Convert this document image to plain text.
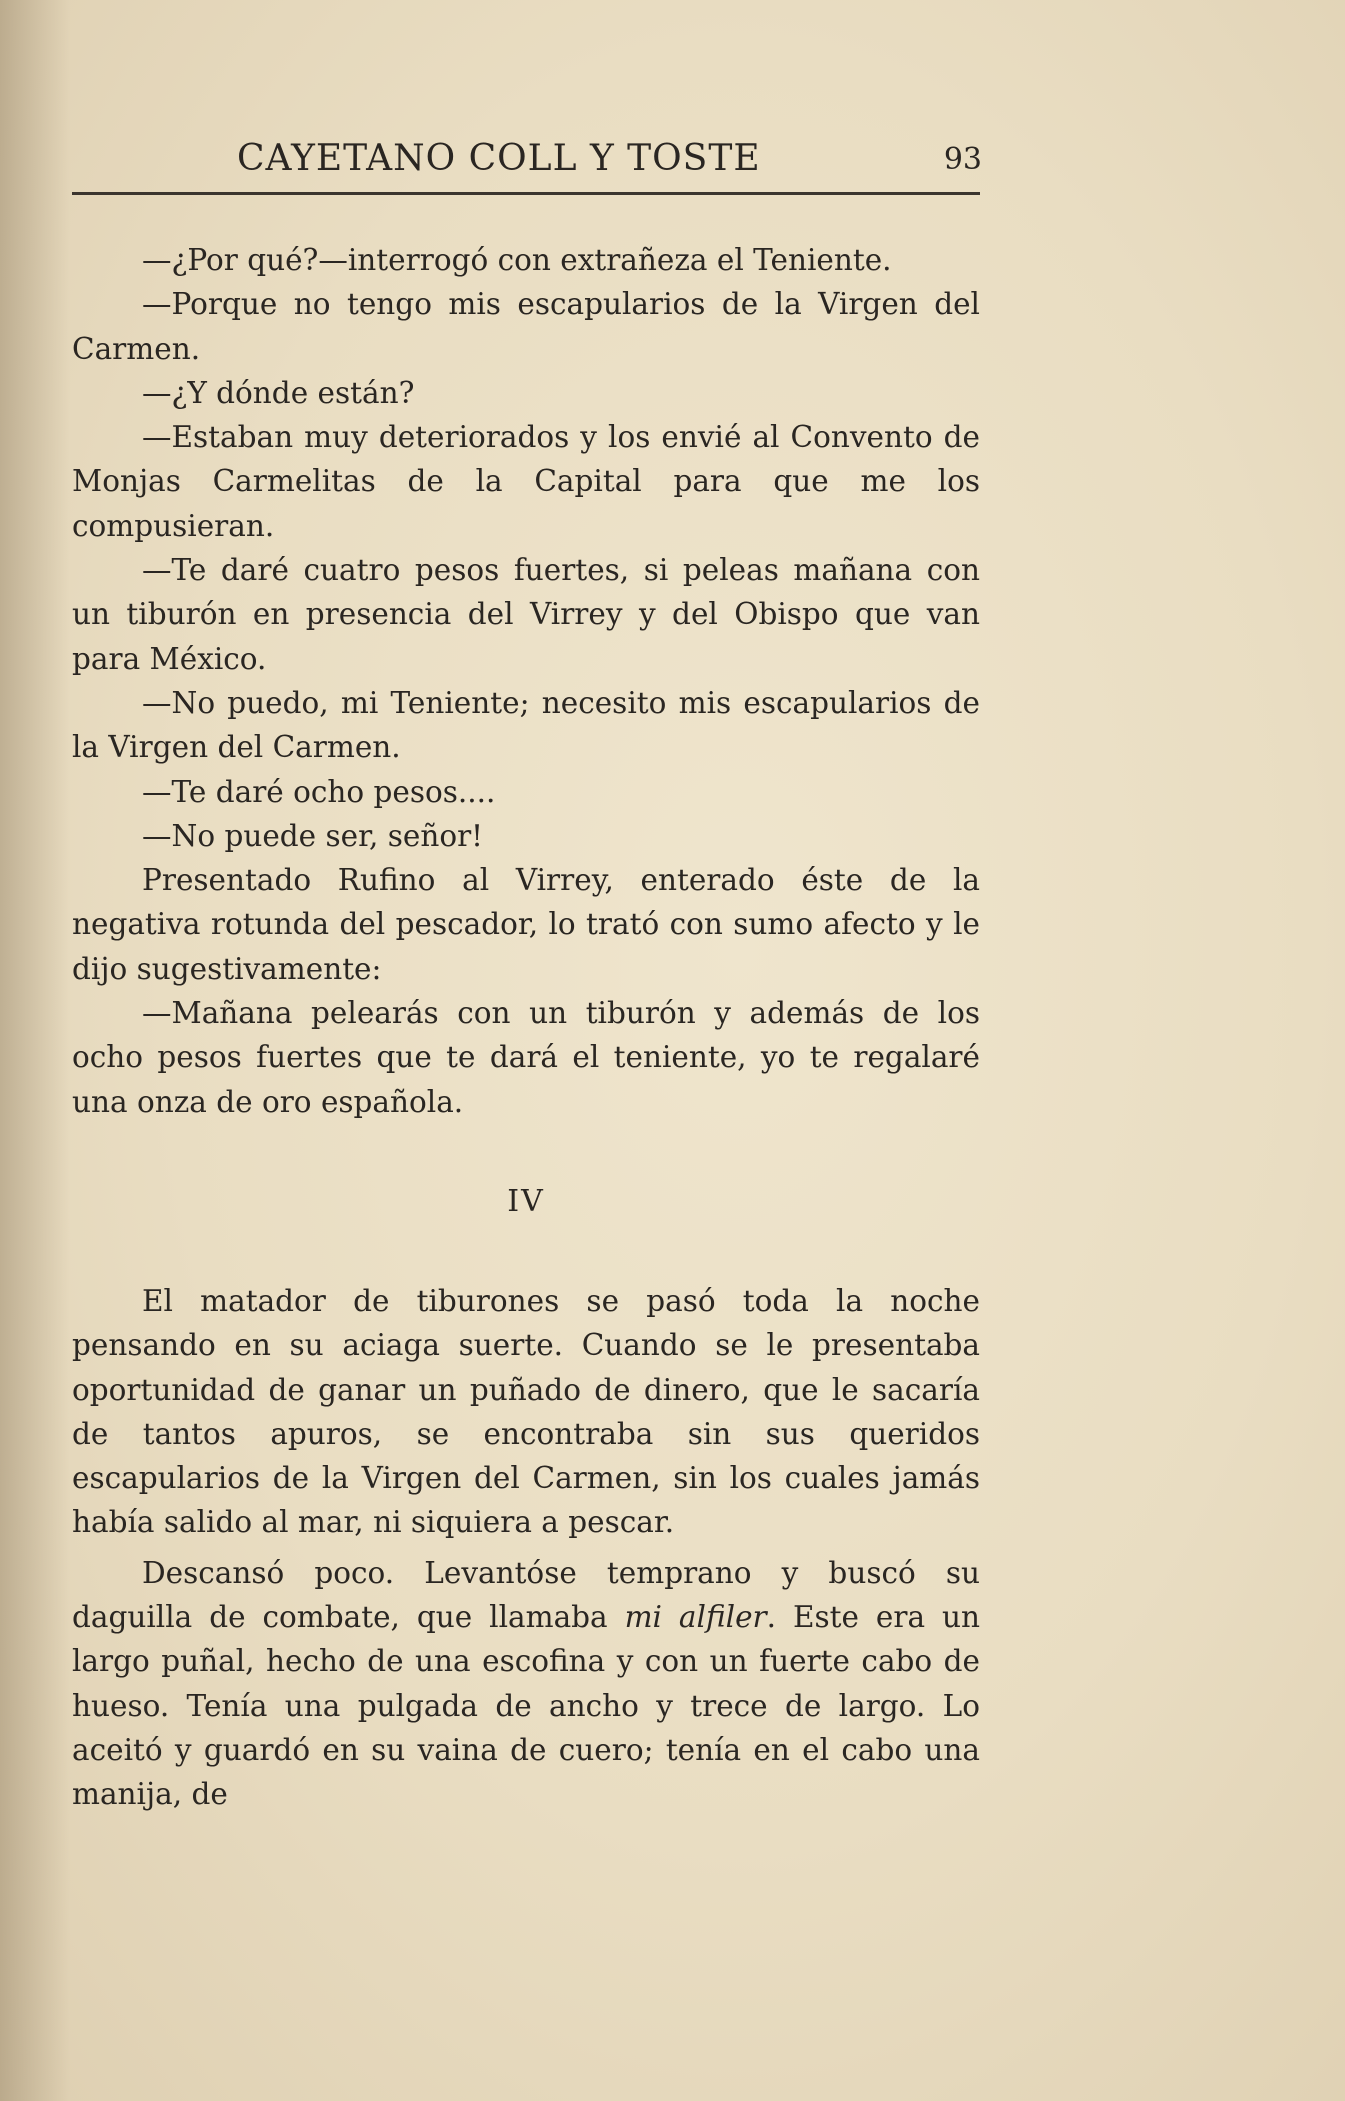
CAYETANO COLL Y TOSTE	93

—¿Por qué?—interrogó con extrañeza el Teniente.

—Porque no tengo mis escapularios de la Virgen del Carmen.

—¿Y dónde están?

—Estaban muy deteriorados y los envié al Convento de Monjas Carmelitas de la Capital para que me los compusieran.

—Te daré cuatro pesos fuertes, si peleas mañana con un tiburón en presencia del Virrey y del Obispo que van para México.

—No puedo, mi Teniente; necesito mis escapularios de la Virgen del Carmen.

—Te daré ocho pesos....

—No puede ser, señor!

Presentado Rufino al Virrey, enterado éste de la negativa rotunda del pescador, lo trató con sumo afecto y le dijo sugestivamente:

—Mañana pelearás con un tiburón y además de los ocho pesos fuertes que te dará el teniente, yo te regalaré una onza de oro española.

IV

El matador de tiburones se pasó toda la noche pensando en su aciaga suerte. Cuando se le presentaba oportunidad de ganar un puñado de dinero, que le sacaría de tantos apuros, se encontraba sin sus queridos escapularios de la Virgen del Carmen, sin los cuales jamás había salido al mar, ni siquiera a pescar.

Descansó poco. Levantóse temprano y buscó su daguilla de combate, que llamaba mi alfiler. Este era un largo puñal, hecho de una escofina y con un fuerte cabo de hueso. Tenía una pulgada de ancho y trece de largo. Lo aceitó y guardó en su vaina de cuero; tenía en el cabo una manija, de
